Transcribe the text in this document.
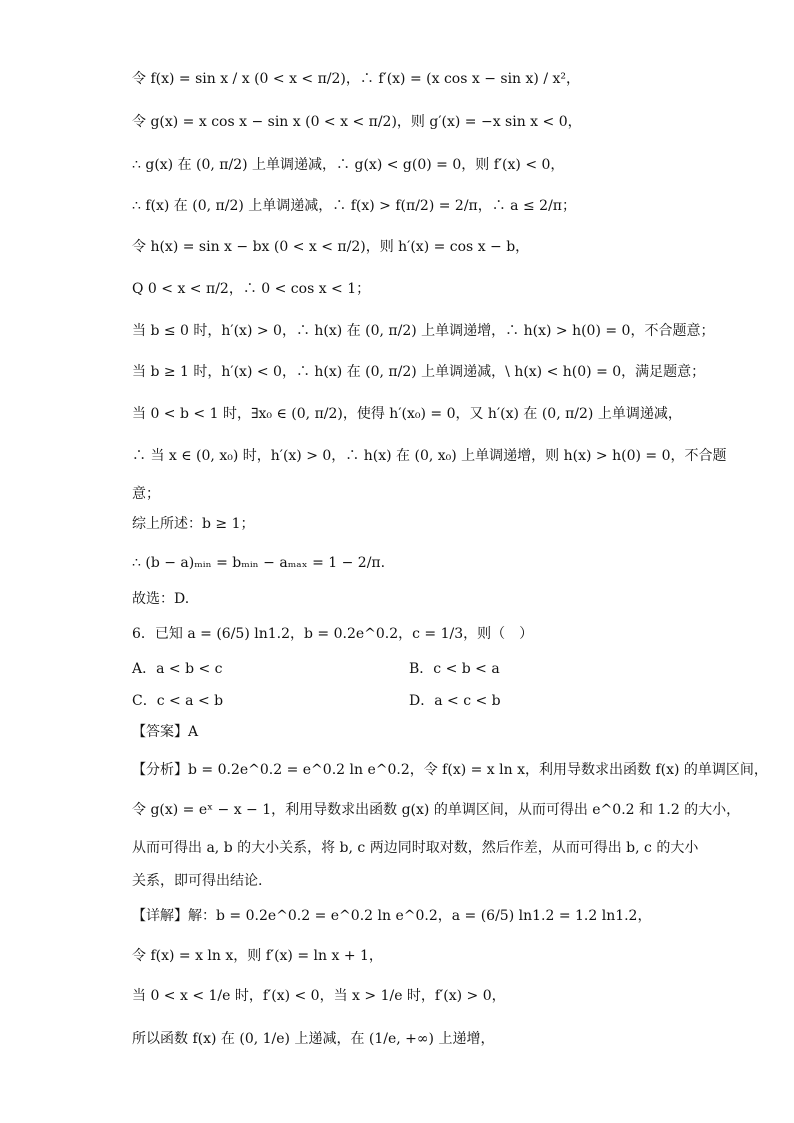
令 f(x) = sin x / x (0 < x < π/2)，∴ f′(x) = (x cos x − sin x) / x²，
令 g(x) = x cos x − sin x (0 < x < π/2)，则 g′(x) = −x sin x < 0，
∴ g(x) 在 (0, π/2) 上单调递减，∴ g(x) < g(0) = 0，则 f′(x) < 0，
∴ f(x) 在 (0, π/2) 上单调递减，∴ f(x) > f(π/2) = 2/π，∴ a ≤ 2/π；
令 h(x) = sin x − bx (0 < x < π/2)，则 h′(x) = cos x − b，
Q 0 < x < π/2，∴ 0 < cos x < 1；
当 b ≤ 0 时，h′(x) > 0，∴ h(x) 在 (0, π/2) 上单调递增，∴ h(x) > h(0) = 0，不合题意；
当 b ≥ 1 时，h′(x) < 0，∴ h(x) 在 (0, π/2) 上单调递减，\ h(x) < h(0) = 0，满足题意；
当 0 < b < 1 时，∃x₀ ∈ (0, π/2)，使得 h′(x₀) = 0，又 h′(x) 在 (0, π/2) 上单调递减，
∴ 当 x ∈ (0, x₀) 时，h′(x) > 0，∴ h(x) 在 (0, x₀) 上单调递增，则 h(x) > h(0) = 0，不合题
意；
综上所述：b ≥ 1；
∴ (b − a)ₘᵢₙ = bₘᵢₙ − aₘₐₓ = 1 − 2/π.
故选：D.
6．已知 a = (6/5) ln1.2，b = 0.2e^0.2，c = 1/3，则（　）
A．a < b < c	B．c < b < a
C．c < a < b	D．a < c < b
【答案】A
【分析】b = 0.2e^0.2 = e^0.2 ln e^0.2，令 f(x) = x ln x，利用导数求出函数 f(x) 的单调区间，
令 g(x) = eˣ − x − 1，利用导数求出函数 g(x) 的单调区间，从而可得出 e^0.2 和 1.2 的大小，
从而可得出 a, b 的大小关系，将 b, c 两边同时取对数，然后作差，从而可得出 b, c 的大小
关系，即可得出结论.
【详解】解：b = 0.2e^0.2 = e^0.2 ln e^0.2，a = (6/5) ln1.2 = 1.2 ln1.2，
令 f(x) = x ln x，则 f′(x) = ln x + 1，
当 0 < x < 1/e 时，f′(x) < 0，当 x > 1/e 时，f′(x) > 0，
所以函数 f(x) 在 (0, 1/e) 上递减，在 (1/e, +∞) 上递增，
